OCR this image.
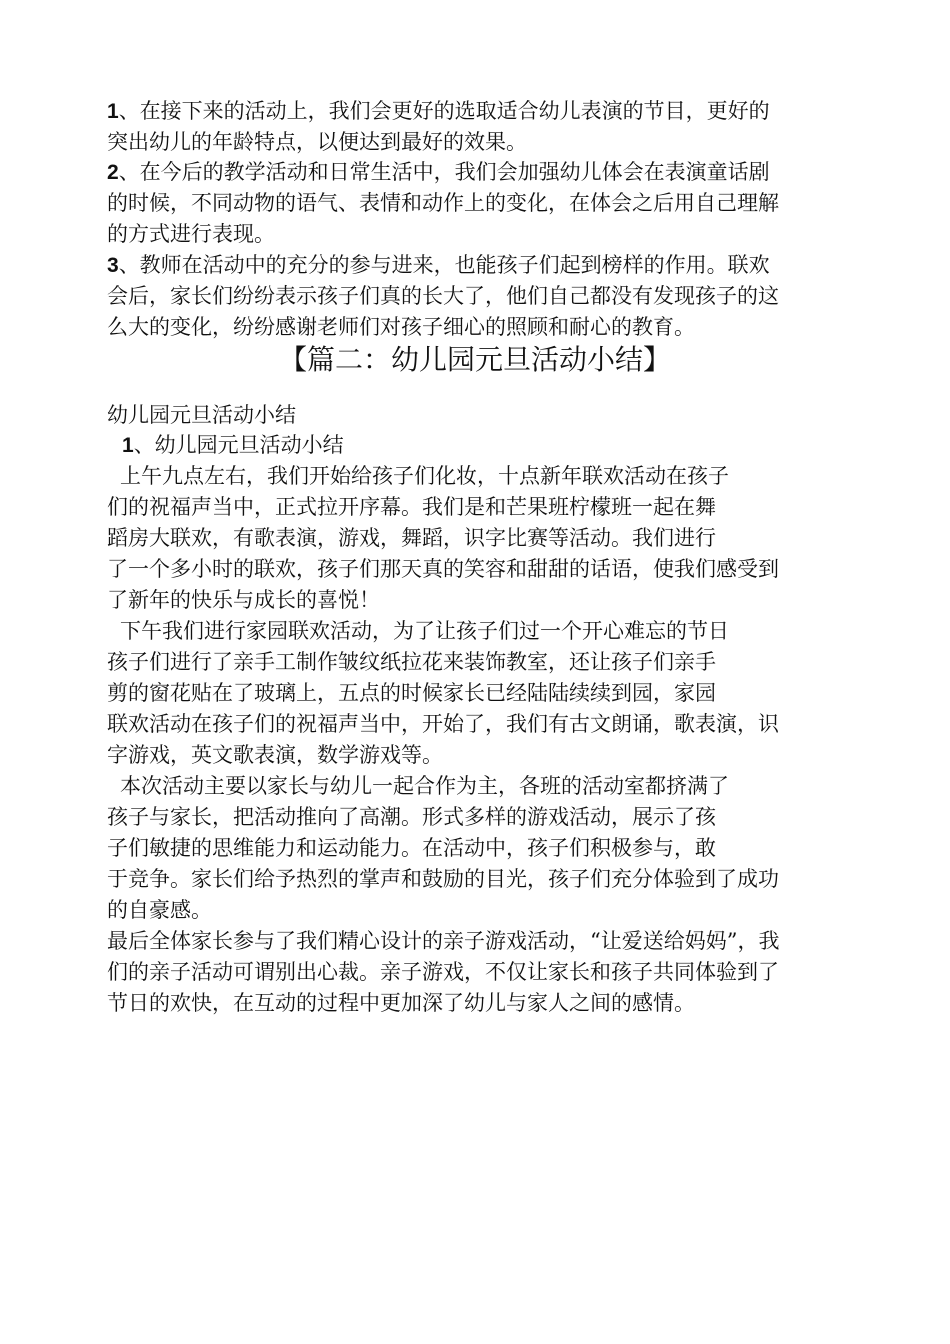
1、在接下来的活动上，我们会更好的选取适合幼儿表演的节目，更好的
突出幼儿的年龄特点，以便达到最好的效果。
2、在今后的教学活动和日常生活中，我们会加强幼儿体会在表演童话剧
的时候，不同动物的语气、表情和动作上的变化，在体会之后用自己理解
的方式进行表现。
3、教师在活动中的充分的参与进来，也能孩子们起到榜样的作用。联欢
会后，家长们纷纷表示孩子们真的长大了，他们自己都没有发现孩子的这
么大的变化，纷纷感谢老师们对孩子细心的照顾和耐心的教育。
【篇二：幼儿园元旦活动小结】
幼儿园元旦活动小结
1、幼儿园元旦活动小结
上午九点左右，我们开始给孩子们化妆，十点新年联欢活动在孩子
们的祝福声当中，正式拉开序幕。我们是和芒果班柠檬班一起在舞
蹈房大联欢，有歌表演，游戏，舞蹈，识字比赛等活动。我们进行
了一个多小时的联欢，孩子们那天真的笑容和甜甜的话语，使我们感受到
了新年的快乐与成长的喜悦！
下午我们进行家园联欢活动，为了让孩子们过一个开心难忘的节日
孩子们进行了亲手工制作皱纹纸拉花来装饰教室，还让孩子们亲手
剪的窗花贴在了玻璃上，五点的时候家长已经陆陆续续到园，家园
联欢活动在孩子们的祝福声当中，开始了，我们有古文朗诵，歌表演，识
字游戏，英文歌表演，数学游戏等。
本次活动主要以家长与幼儿一起合作为主，各班的活动室都挤满了
孩子与家长，把活动推向了高潮。形式多样的游戏活动，展示了孩
子们敏捷的思维能力和运动能力。在活动中，孩子们积极参与，敢
于竞争。家长们给予热烈的掌声和鼓励的目光，孩子们充分体验到了成功
的自豪感。
最后全体家长参与了我们精心设计的亲子游戏活动，“让爱送给妈妈”，我
们的亲子活动可谓别出心裁。亲子游戏，不仅让家长和孩子共同体验到了
节日的欢快，在互动的过程中更加深了幼儿与家人之间的感情。
